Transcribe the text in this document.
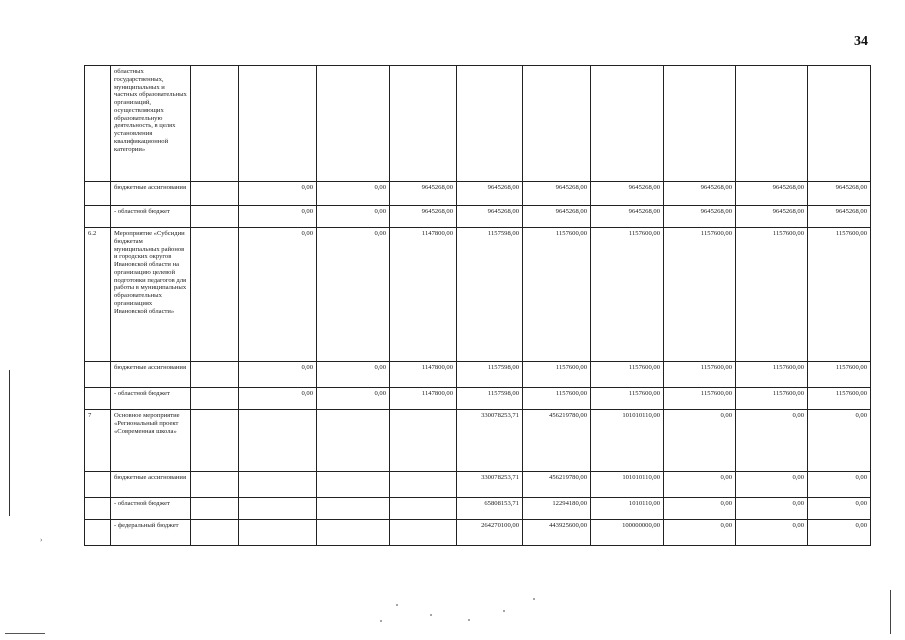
34
	областных государственных, муниципальных и частных образовательных организаций, осуществляющих образовательную деятельность, в целях установления квалификационной категории»										
	бюджетные ассигнования		0,00	0,00	9645268,00	9645268,00	9645268,00	9645268,00	9645268,00	9645268,00	9645268,00
	- областной бюджет		0,00	0,00	9645268,00	9645268,00	9645268,00	9645268,00	9645268,00	9645268,00	9645268,00
6.2	Мероприятие «Субсидии бюджетам муниципальных районов и городских округов Ивановской области на организацию целевой подготовки педагогов для работы в муниципальных образовательных организациях Ивановской области»		0,00	0,00	1147800,00	1157598,00	1157600,00	1157600,00	1157600,00	1157600,00	1157600,00
	бюджетные ассигнования		0,00	0,00	1147800,00	1157598,00	1157600,00	1157600,00	1157600,00	1157600,00	1157600,00
	- областной бюджет		0,00	0,00	1147800,00	1157598,00	1157600,00	1157600,00	1157600,00	1157600,00	1157600,00
7	Основное мероприятие «Региональный проект «Современная школа»					330078253,71	456219780,00	101010110,00	0,00	0,00	0,00
	бюджетные ассигнования					330078253,71	456219780,00	101010110,00	0,00	0,00	0,00
	- областной бюджет					65808153,71	12294180,00	1010110,00	0,00	0,00	0,00
	- федеральный бюджет					264270100,00	443925600,00	100000000,00	0,00	0,00	0,00
›
